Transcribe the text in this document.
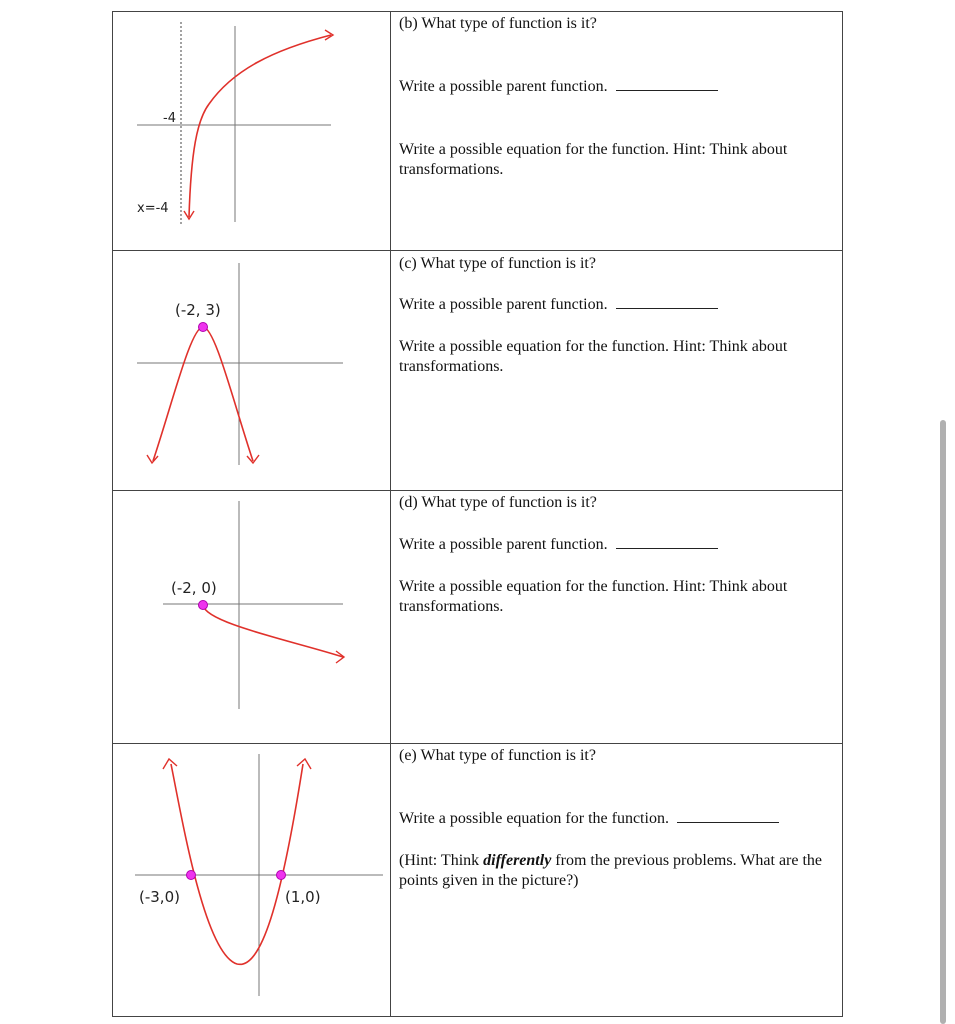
-4
x=-4

(b) What type of function is it?

Write a possible parent function.

Write a possible equation for the function. Hint: Think about transformations.

(-2, 3)

(c) What type of function is it?

Write a possible parent function.

Write a possible equation for the function. Hint: Think about transformations.

(-2, 0)

(d) What type of function is it?

Write a possible parent function.

Write a possible equation for the function. Hint: Think about transformations.

(-3,0)	(1,0)

(e) What type of function is it?

Write a possible equation for the function.

(Hint: Think differently from the previous problems. What are the points given in the picture?)
